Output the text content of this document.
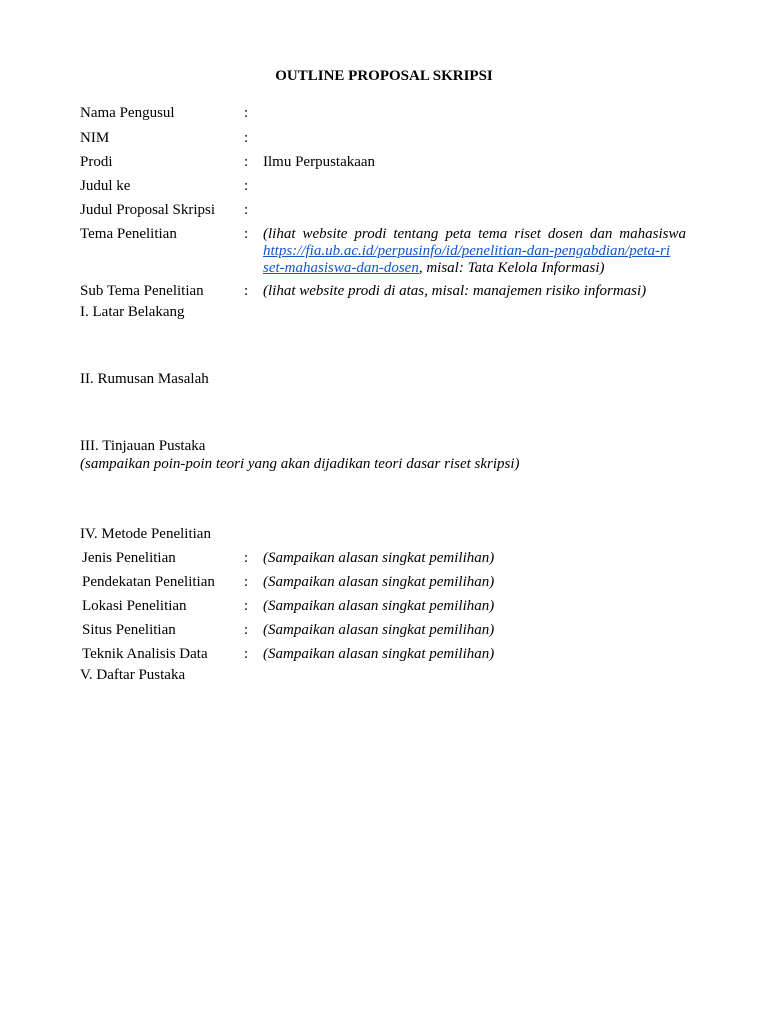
OUTLINE PROPOSAL SKRIPSI
Nama Pengusul	:
NIM	:
Prodi	: Ilmu Perpustakaan
Judul ke	:
Judul Proposal Skripsi :
Tema Penelitian	: (lihat website prodi tentang peta tema riset dosen dan mahasiswa https://fia.ub.ac.id/perpusinfo/id/penelitian-dan-pengabdian/peta-ri
set-mahasiswa-dan-dosen, misal: Tata Kelola Informasi)
Sub Tema Penelitian	: (lihat website prodi di atas, misal: manajemen risiko informasi)
I. Latar Belakang
II. Rumusan Masalah
III. Tinjauan Pustaka
(sampaikan poin-poin teori yang akan dijadikan teori dasar riset skripsi)
IV. Metode Penelitian
Jenis Penelitian	: (Sampaikan alasan singkat pemilihan)
Pendekatan Penelitian : (Sampaikan alasan singkat pemilihan)
Lokasi Penelitian	: (Sampaikan alasan singkat pemilihan)
Situs Penelitian	: (Sampaikan alasan singkat pemilihan)
Teknik Analisis Data : (Sampaikan alasan singkat pemilihan)
V. Daftar Pustaka
